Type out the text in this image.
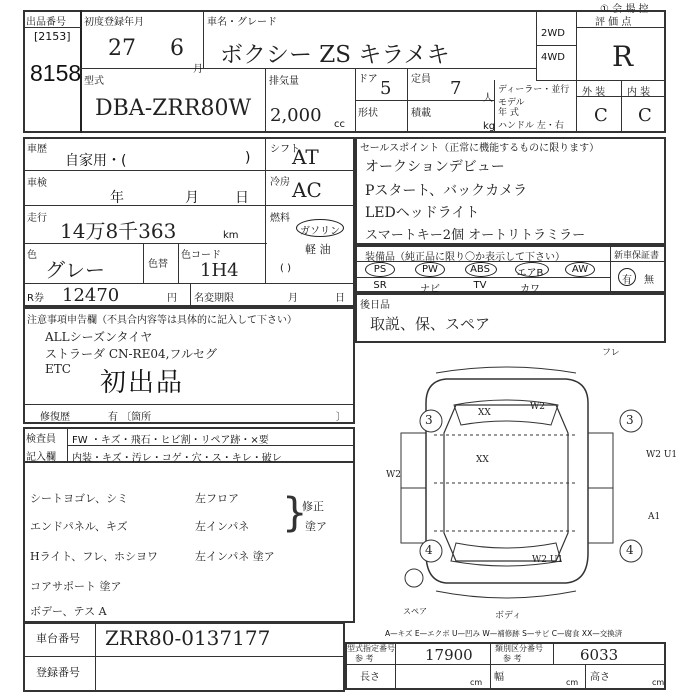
① 会 場 控
出品番号
[2153]
8158
初度登録年月
27 6
月
車名・グレード
ボクシー ZS キラメキ
2WD
4WD
評 価 点
R
型式
DBA-ZRR80W
排気量
2,000 cc
ドア 5 定員 7 人
形状	積載
kg
ディーラー・並行
モデル
年 式
ハンドル 左・右
外 装 内 装
C C
車歴
自家用・(	)
車検
年	月	日
シフト
AT
冷房 AC
走行
14万8千363	km
燃料
ガソリン
軽 油
( )
色
グレー	色替
色コード
1H4
R券 12470	円 名変期限	月	日
セールスポイント（正常に機能するものに限ります）
オークションデビュー
Pスタート、バックカメラ
LEDヘッドライト
スマートキー2個 オートリトラミラー
装備品（純正品に限り〇か表示して下さい）	新車保証書
PS	PW	ABS	エアB	AW
SR	ナビ	TV	カワ
有 無
注意事項申告欄（不具合内容等は具体的に記入して下さい）
ALLシーズンタイヤ
ストラーダ CN-RE04,フルセグ
ETC 初出品
修復歴	有 〔箇所	〕
後日品
取説、保、スペア
検査員
記入欄
FW ・キズ・飛石・ヒビ割・リペア跡・×要
内装・キズ・汚レ・コゲ・穴・ス・キレ・破レ
シートヨゴレ、シミ
エンドパネル、キズ
Hライト、フレ、ホシヨワ
コアサポート 塗ア
ボデー、テス A
左フロア
左インパネ
左インパネ 塗ア
}
修正
塗ア
3	3
4	4
フレ
W2
XX
XX
W2
W2 U1
A1
W2 U1
スペア	ボディ
A—キズ E—エクボ U—凹み W—補修跡 S—サビ C—腐食 XX—交換済
車台番号 ZRR80-0137177
登録番号
型式指定番号
参 考	17900	類別区分番号
参 考	6033
長さ	cm 幅	cm 高さ	cm
